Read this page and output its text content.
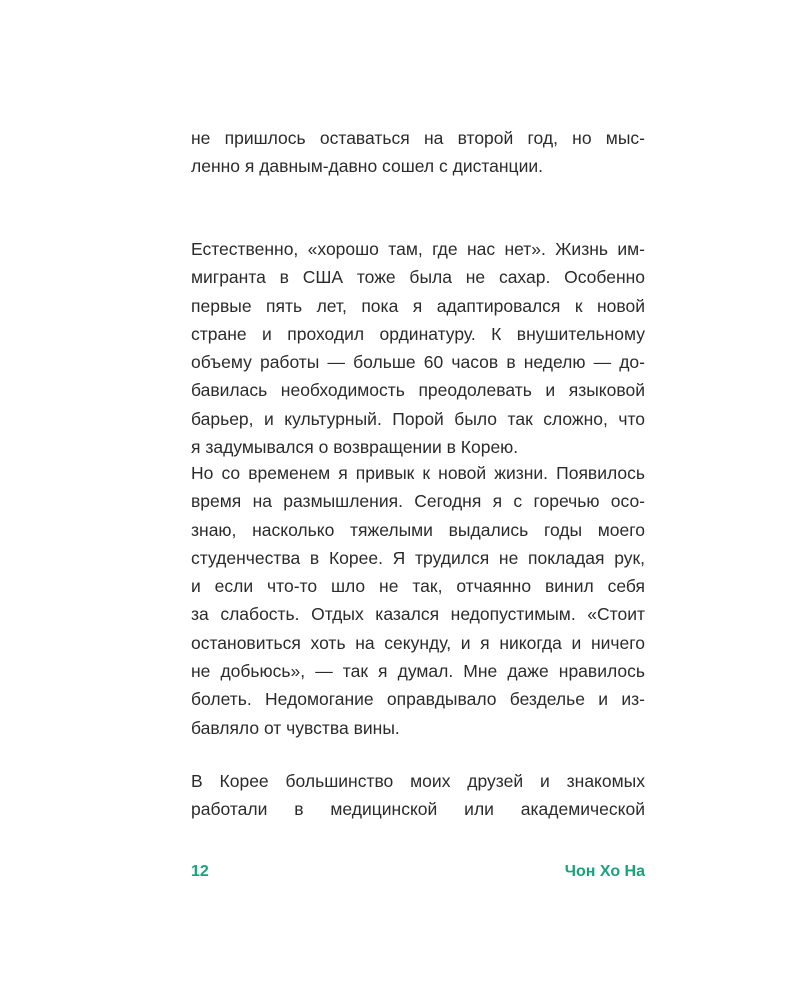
не пришлось оставаться на второй год, но мыс-
ленно я давным-давно сошел с дистанции.
Естественно, «хорошо там, где нас нет». Жизнь им-
мигранта в США тоже была не сахар. Особенно
первые пять лет, пока я адаптировался к новой
стране и проходил ординатуру. К внушительному
объему работы — больше 60 часов в неделю — до-
бавилась необходимость преодолевать и языковой
барьер, и культурный. Порой было так сложно, что
я задумывался о возвращении в Корею.
Но со временем я привык к новой жизни. Появилось
время на размышления. Сегодня я с горечью осо-
знаю, насколько тяжелыми выдались годы моего
студенчества в Корее. Я трудился не покладая рук,
и если что-то шло не так, отчаянно винил себя
за слабость. Отдых казался недопустимым. «Стоит
остановиться хоть на секунду, и я никогда и ничего
не добьюсь», — так я думал. Мне даже нравилось
болеть. Недомогание оправдывало безделье и из-
бавляло от чувства вины.
В Корее большинство моих друзей и знакомых
работали в медицинской или академической
12	Чон Хо На
